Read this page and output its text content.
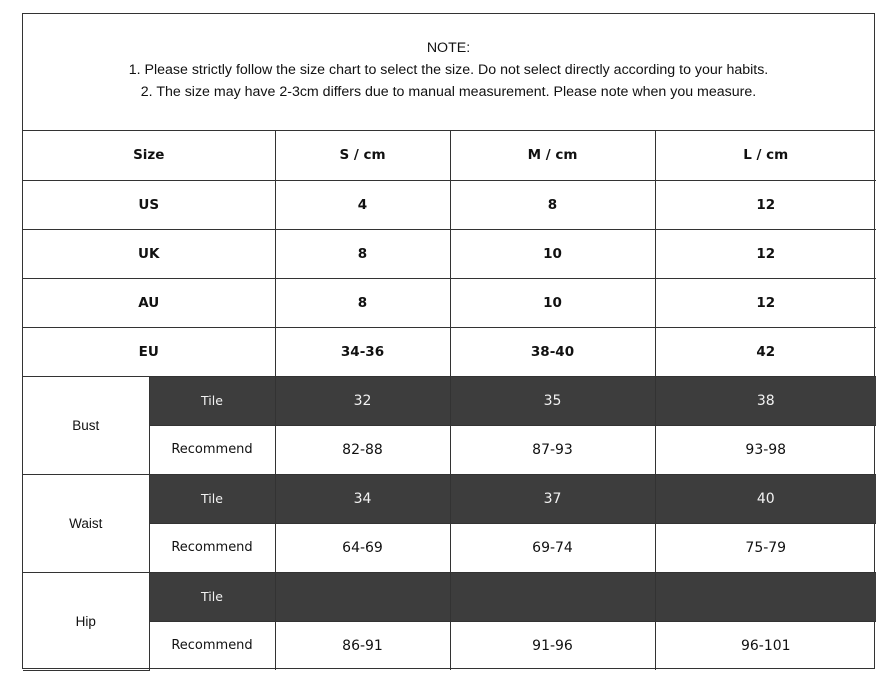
NOTE:
1. Please strictly follow the size chart to select the size. Do not select directly according to your habits.
2. The size may have 2-3cm differs due to manual measurement. Please note when you measure.
Size		S / cm	M / cm	L / cm
US		4	8	12
UK		8	10	12
AU		8	10	12
EU		34-36	38-40	42
Bust	Tile	32	35	38
	Recommend	82-88	87-93	93-98
Waist	Tile	34	37	40
	Recommend	64-69	69-74	75-79
Hip	Tile			
	Recommend	86-91	91-96	96-101
